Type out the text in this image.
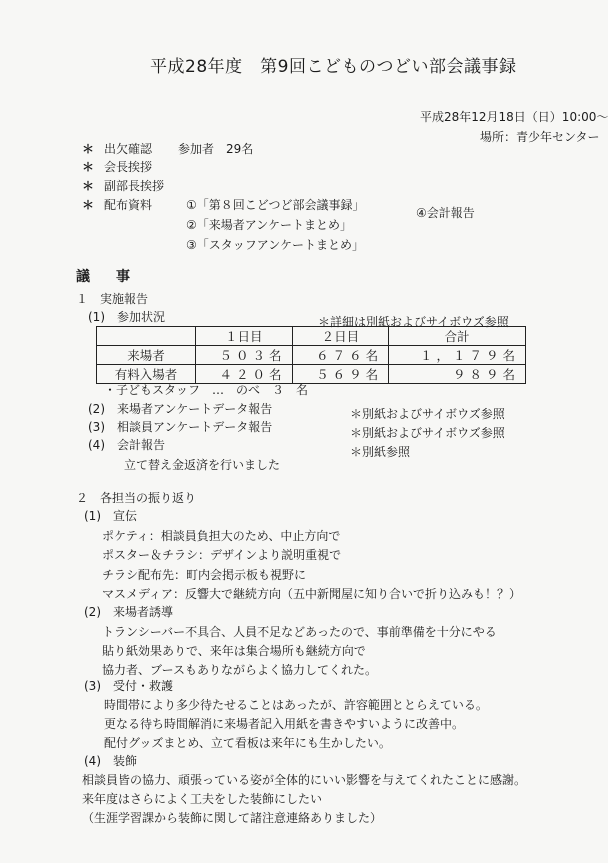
平成28年度　第9回こどものつどい部会議事録
平成28年12月18日（日）10:00～
場所：青少年センター
＊ 出欠確認 参加者　29名
＊ 会長挨拶
＊ 副部長挨拶
＊ 配布資料	①「第８回こどつど部会議事録」
②「来場者アンケートまとめ」
③「スタッフアンケートまとめ」
④会計報告
議　事
１　実施報告
(1)　参加状況	＊詳細は別紙およびサイボウズ参照
	１日目	２日目	合計
来場者	５０３名	６７６名	１，１７９名
有料入場者	４２０名	５６９名	９８９名
・子どもスタッフ　…　のべ　３　名
(2)　来場者アンケートデータ報告	＊別紙およびサイボウズ参照
(3)　相談員アンケートデータ報告	＊別紙およびサイボウズ参照
(4)　会計報告	＊別紙参照
立て替え金返済を行いました
２　各担当の振り返り
(1)　宣伝
ポケティ：相談員負担大のため、中止方向で
ポスター＆チラシ：デザインより説明重視で
チラシ配布先：町内会掲示板も視野に
マスメディア：反響大で継続方向（五中新聞屋に知り合いで折り込みも！？）
(2)　来場者誘導
トランシーバー不具合、人員不足などあったので、事前準備を十分にやる
貼り紙効果ありで、来年は集合場所も継続方向で
協力者、ブースもありながらよく協力してくれた。
(3)　受付・救護
時間帯により多少待たせることはあったが、許容範囲ととらえている。
更なる待ち時間解消に来場者記入用紙を書きやすいように改善中。
配付グッズまとめ、立て看板は来年にも生かしたい。
(4)　装飾
相談員皆の協力、頑張っている姿が全体的にいい影響を与えてくれたことに感謝。
来年度はさらによく工夫をした装飾にしたい
（生涯学習課から装飾に関して諸注意連絡ありました）
